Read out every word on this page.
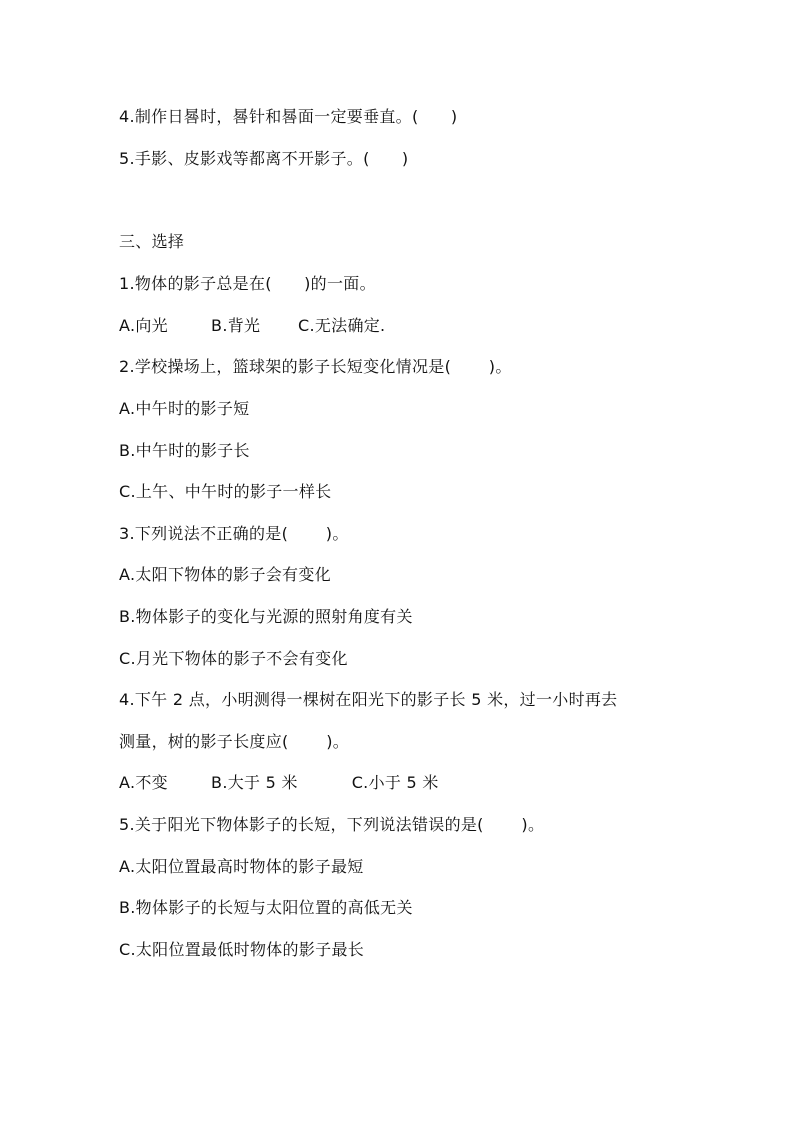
4.制作日晷时，晷针和晷面一定要垂直。(      )
5.手影、皮影戏等都离不开影子。(      )
三、选择
1.物体的影子总是在(      )的一面。
A.向光        B.背光       C.无法确定.
2.学校操场上，篮球架的影子长短变化情况是(       )。
A.中午时的影子短
B.中午时的影子长
C.上午、中午时的影子一样长
3.下列说法不正确的是(       )。
A.太阳下物体的影子会有变化
B.物体影子的变化与光源的照射角度有关
C.月光下物体的影子不会有变化
4.下午 2 点，小明测得一棵树在阳光下的影子长 5 米，过一小时再去
测量，树的影子长度应(       )。
A.不变        B.大于 5 米          C.小于 5 米
5.关于阳光下物体影子的长短，下列说法错误的是(       )。
A.太阳位置最高时物体的影子最短
B.物体影子的长短与太阳位置的高低无关
C.太阳位置最低时物体的影子最长
